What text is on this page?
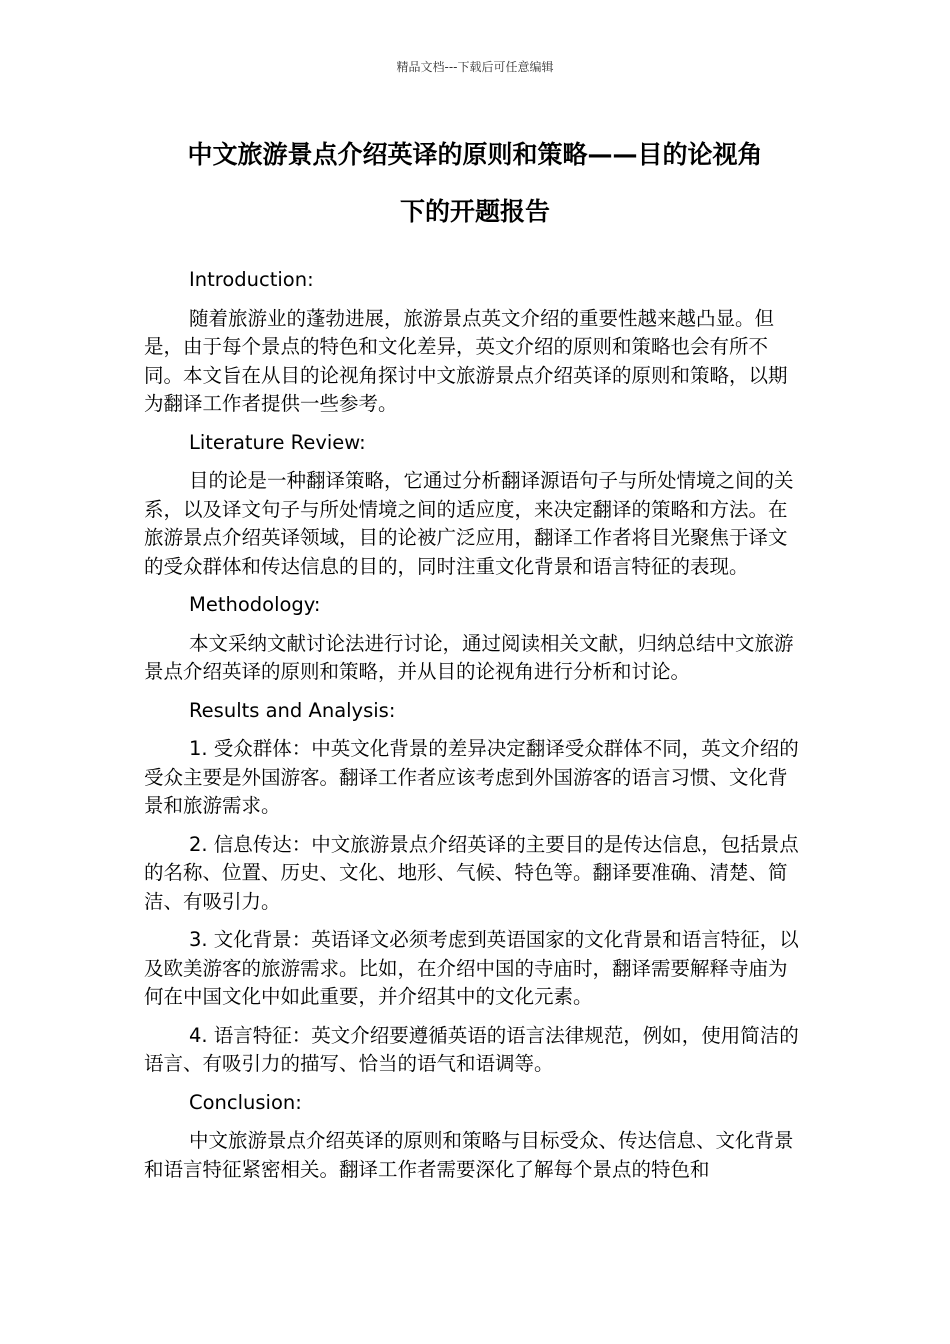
精品文档---下载后可任意编辑
中文旅游景点介绍英译的原则和策略——目的论视角
下的开题报告

Introduction:

随着旅游业的蓬勃进展，旅游景点英文介绍的重要性越来越凸显。但是，由于每个景点的特色和文化差异，英文介绍的原则和策略也会有所不同。本文旨在从目的论视角探讨中文旅游景点介绍英译的原则和策略，以期为翻译工作者提供一些参考。

Literature Review:

目的论是一种翻译策略，它通过分析翻译源语句子与所处情境之间的关系，以及译文句子与所处情境之间的适应度，来决定翻译的策略和方法。在旅游景点介绍英译领域，目的论被广泛应用，翻译工作者将目光聚焦于译文的受众群体和传达信息的目的，同时注重文化背景和语言特征的表现。

Methodology:

本文采纳文献讨论法进行讨论，通过阅读相关文献，归纳总结中文旅游景点介绍英译的原则和策略，并从目的论视角进行分析和讨论。

Results and Analysis:

1. 受众群体：中英文化背景的差异决定翻译受众群体不同，英文介绍的受众主要是外国游客。翻译工作者应该考虑到外国游客的语言习惯、文化背景和旅游需求。

2. 信息传达：中文旅游景点介绍英译的主要目的是传达信息，包括景点的名称、位置、历史、文化、地形、气候、特色等。翻译要准确、清楚、简洁、有吸引力。

3. 文化背景：英语译文必须考虑到英语国家的文化背景和语言特征，以及欧美游客的旅游需求。比如，在介绍中国的寺庙时，翻译需要解释寺庙为何在中国文化中如此重要，并介绍其中的文化元素。

4. 语言特征：英文介绍要遵循英语的语言法律规范，例如，使用简洁的语言、有吸引力的描写、恰当的语气和语调等。

Conclusion:

中文旅游景点介绍英译的原则和策略与目标受众、传达信息、文化背景和语言特征紧密相关。翻译工作者需要深化了解每个景点的特色和
